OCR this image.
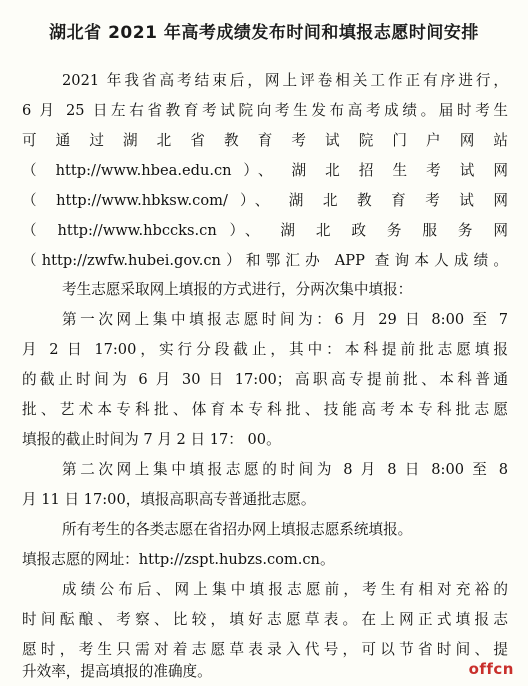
湖北省 2021 年高考成绩发布时间和填报志愿时间安排
2021 年我省高考结束后，网上评卷相关工作正有序进行，
6 月 25 日左右省教育考试院向考生发布高考成绩。届时考生
可 通 过 湖 北 省 教 育 考 试 院 门 户 网 站
（ http://www.hbea.edu.cn ）、 湖 北 招 生 考 试 网
（ http://www.hbksw.com/ ）、 湖 北 教 育 考 试 网
（ http://www.hbccks.cn ）、 湖 北 政 务 服 务 网
（http://zwfw.hubei.gov.cn）和鄂汇办 APP 查询本人成绩。
考生志愿采取网上填报的方式进行，分两次集中填报：
第一次网上集中填报志愿时间为：6 月 29 日 8:00 至 7
月 2 日 17:00，实行分段截止，其中：本科提前批志愿填报
的截止时间为 6 月 30 日 17:00；高职高专提前批、本科普通
批、艺术本专科批、体育本专科批、技能高考本专科批志愿
填报的截止时间为 7 月 2 日 17： 00。
第二次网上集中填报志愿的时间为 8 月 8 日 8:00 至 8
月 11 日 17:00，填报高职高专普通批志愿。
所有考生的各类志愿在省招办网上填报志愿系统填报。
填报志愿的网址：http://zspt.hubzs.com.cn。
成绩公布后、网上集中填报志愿前，考生有相对充裕的
时间酝酿、考察、比较，填好志愿草表。在上网正式填报志
愿时，考生只需对着志愿草表录入代号，可以节省时间、提
升效率，提高填报的准确度。	offcn
